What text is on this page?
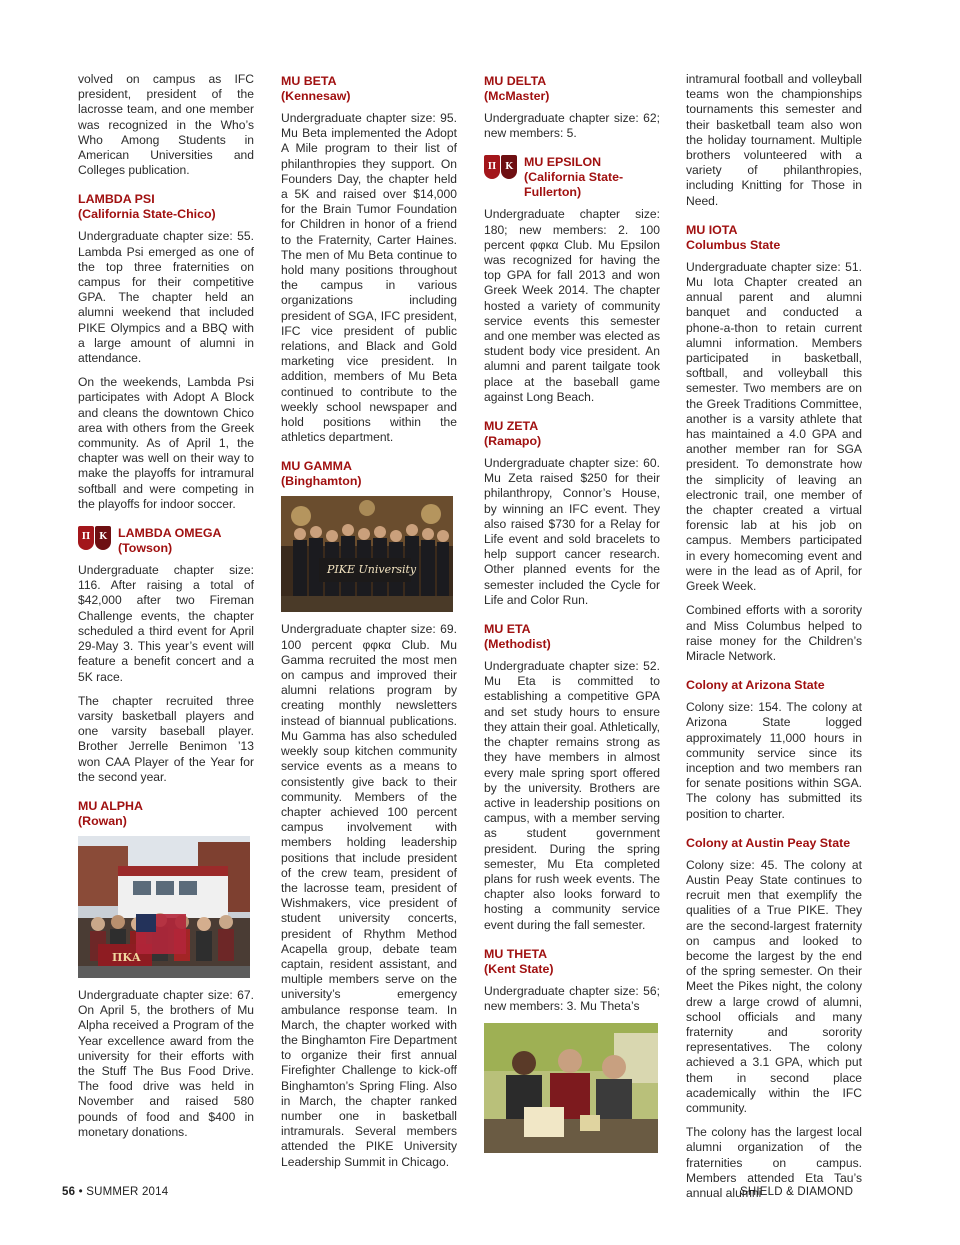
volved on campus as IFC president, president of the lacrosse team, and one member was recognized in the Who’s Who Among Students in American Universities and Colleges publication.

LAMBDA PSI
(California State-Chico)

Undergraduate chapter size: 55. Lambda Psi emerged as one of the top three fraternities on campus for their competitive GPA. The chapter held an alumni weekend that included PIKE Olympics and a BBQ with a large amount of alumni in attendance.

On the weekends, Lambda Psi participates with Adopt A Block and cleans the downtown Chico area with others from the Greek community. As of April 1, the chapter was well on their way to make the playoffs for intramural softball and were competing in the playoffs for indoor soccer.

Π Κ LAMBDA OMEGA
(Towson)

Undergraduate chapter size: 116. After raising a total of $42,000 after two Fireman Challenge events, the chapter scheduled a third event for April 29-May 3. This year’s event will feature a benefit concert and a 5K race.

The chapter recruited three varsity basketball players and one varsity baseball player. Brother Jerrelle Benimon ’13 won CAA Player of the Year for the second year.

MU ALPHA
(Rowan)
ΠΚΑ

Undergraduate chapter size: 67. On April 5, the brothers of Mu Alpha received a Program of the Year excellence award from the university for their efforts with the Stuff The Bus Food Drive. The food drive was held in November and raised 580 pounds of food and $400 in monetary donations.

MU BETA
(Kennesaw)

Undergraduate chapter size: 95. Mu Beta implemented the Adopt A Mile program to their list of philanthropies they support. On Founders Day, the chapter held a 5K and raised over $14,000 for the Brain Tumor Foundation for Children in honor of a friend to the Fraternity, Carter Haines. The men of Mu Beta continue to hold many positions throughout the campus in various organizations including president of SGA, IFC president, IFC vice president of public relations, and Black and Gold marketing vice president. In addition, members of Mu Beta continued to contribute to the weekly school newspaper and hold positions within the athletics department.

MU GAMMA
(Binghamton)
PIKE University

Undergraduate chapter size: 69. 100 percent φφκα Club. Mu Gamma recruited the most men on campus and improved their alumni relations program by creating monthly newsletters instead of biannual publications. Mu Gamma has also scheduled weekly soup kitchen community service events as a means to consistently give back to their community. Members of the chapter achieved 100 percent campus involvement with members holding leadership positions that include president of the crew team, president of the lacrosse team, president of Wishmakers, vice president of student university concerts, president of Rhythm Method Acapella group, debate team captain, resident assistant, and multiple members serve on the university’s emergency ambulance response team. In March, the chapter worked with the Binghamton Fire Department to organize their first annual Firefighter Challenge to kick-off Binghamton’s Spring Fling. Also in March, the chapter ranked number one in basketball intramurals. Several members attended the PIKE University Leadership Summit in Chicago.

MU DELTA
(McMaster)

Undergraduate chapter size: 62; new members: 5.

Π Κ MU EPSILON
(California State-
Fullerton)

Undergraduate chapter size: 180; new members: 2. 100 percent φφκα Club. Mu Epsilon was recognized for having the top GPA for fall 2013 and won Greek Week 2014. The chapter hosted a variety of community service events this semester and one member was elected as student body vice president. An alumni and parent tailgate took place at the baseball game against Long Beach.

MU ZETA
(Ramapo)

Undergraduate chapter size: 60. Mu Zeta raised $250 for their philanthropy, Connor’s House, by winning an IFC event. They also raised $730 for a Relay for Life event and sold bracelets to help support cancer research. Other planned events for the semester included the Cycle for Life and Color Run.

MU ETA
(Methodist)

Undergraduate chapter size: 52. Mu Eta is committed to establishing a competitive GPA and set study hours to ensure they attain their goal. Athletically, the chapter remains strong as they have members in almost every male spring sport offered by the university. Brothers are active in leadership positions on campus, with a member serving as student government president. During the spring semester, Mu Eta completed plans for rush week events. The chapter also looks forward to hosting a community service event during the fall semester.

MU THETA
(Kent State)

Undergraduate chapter size: 56; new members: 3. Mu Theta’s

intramural football and volleyball teams won the championships tournaments this semester and their basketball team also won the holiday tournament. Multiple brothers volunteered with a variety of philanthropies, including Knitting for Those in Need.

MU IOTA
Columbus State

Undergraduate chapter size: 51. Mu Iota Chapter created an annual parent and alumni banquet and conducted a phone-a-thon to retain current alumni information. Members participated in basketball, softball, and volleyball this semester. Two members are on the Greek Traditions Committee, another is a varsity athlete that has maintained a 4.0 GPA and another member ran for SGA president. To demonstrate how the simplicity of leaving an electronic trail, one member of the chapter created a virtual forensic lab at his job on campus. Members participated in every homecoming event and were in the lead as of April, for Greek Week.

Combined efforts with a sorority and Miss Columbus helped to raise money for the Children’s Miracle Network.

Colony at Arizona State

Colony size: 154. The colony at Arizona State logged approximately 11,000 hours in community service since its inception and two members ran for senate positions within SGA. The colony has submitted its position to charter.

Colony at Austin Peay State

Colony size: 45. The colony at Austin Peay State continues to recruit men that exemplify the qualities of a True PIKE. They are the second-largest fraternity on campus and looked to become the largest by the end of the spring semester. On their Meet the Pikes night, the colony drew a large crowd of alumni, school officials and many fraternity and sorority representatives. The colony achieved a 3.1 GPA, which put them in second place academically within the IFC community.

The colony has the largest local alumni organization of the fraternities on campus. Members attended Eta Tau’s annual alumni

56 • SUMMER 2014	SHIELD & DIAMOND
